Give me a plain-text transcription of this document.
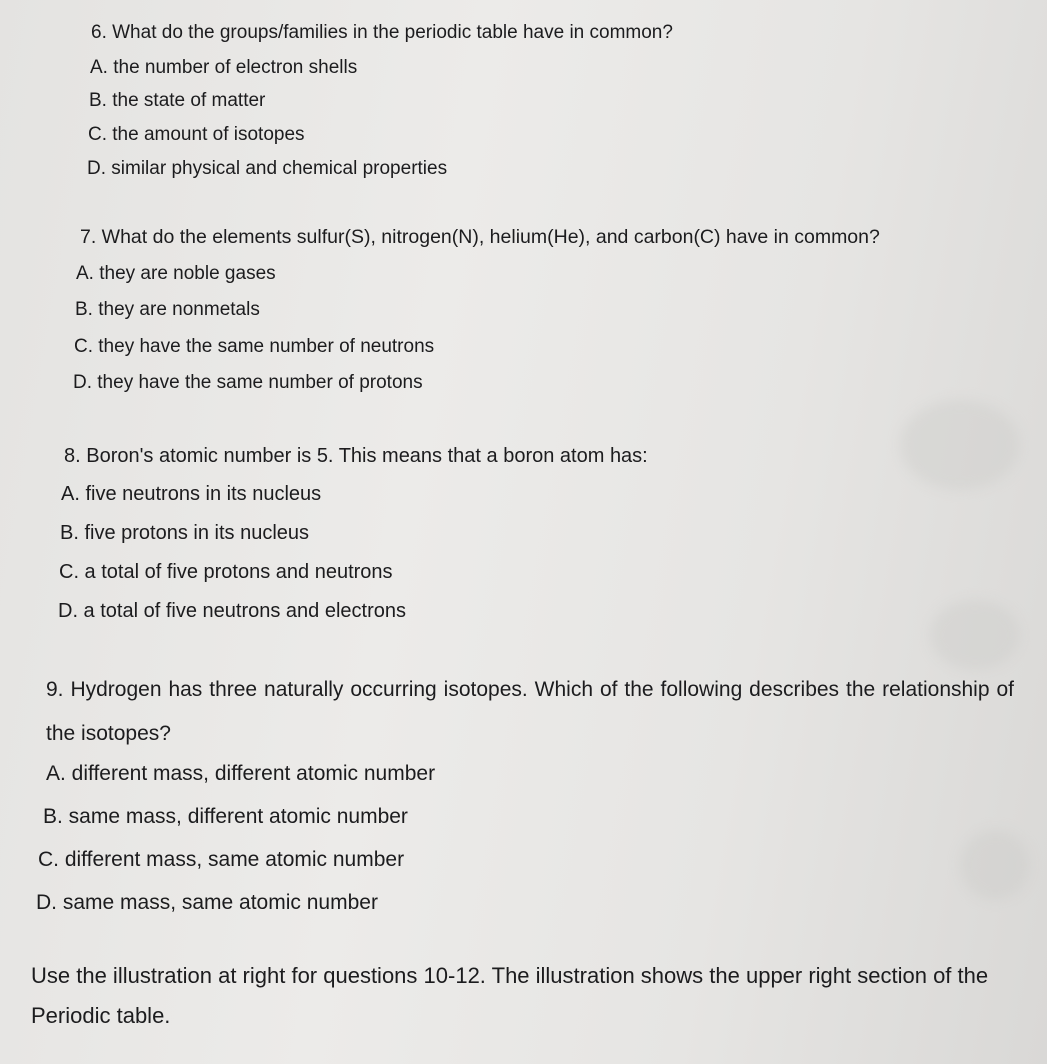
6. What do the groups/families in the periodic table have in common?
A. the number of electron shells
B. the state of matter
C. the amount of isotopes
D. similar physical and chemical properties
7. What do the elements sulfur(S), nitrogen(N), helium(He), and carbon(C) have in common?
A. they are noble gases
B. they are nonmetals
C. they have the same number of neutrons
D. they have the same number of protons
8. Boron's atomic number is 5. This means that a boron atom has:
A. five neutrons in its nucleus
B. five protons in its nucleus
C. a total of five protons and neutrons
D. a total of five neutrons and electrons
9. Hydrogen has three naturally occurring isotopes. Which of the following describes the relationship of the isotopes?
A. different mass, different atomic number
B. same mass, different atomic number
C. different mass, same atomic number
D. same mass, same atomic number
Use the illustration at right for questions 10-12. The illustration shows the upper right section of the Periodic table.
